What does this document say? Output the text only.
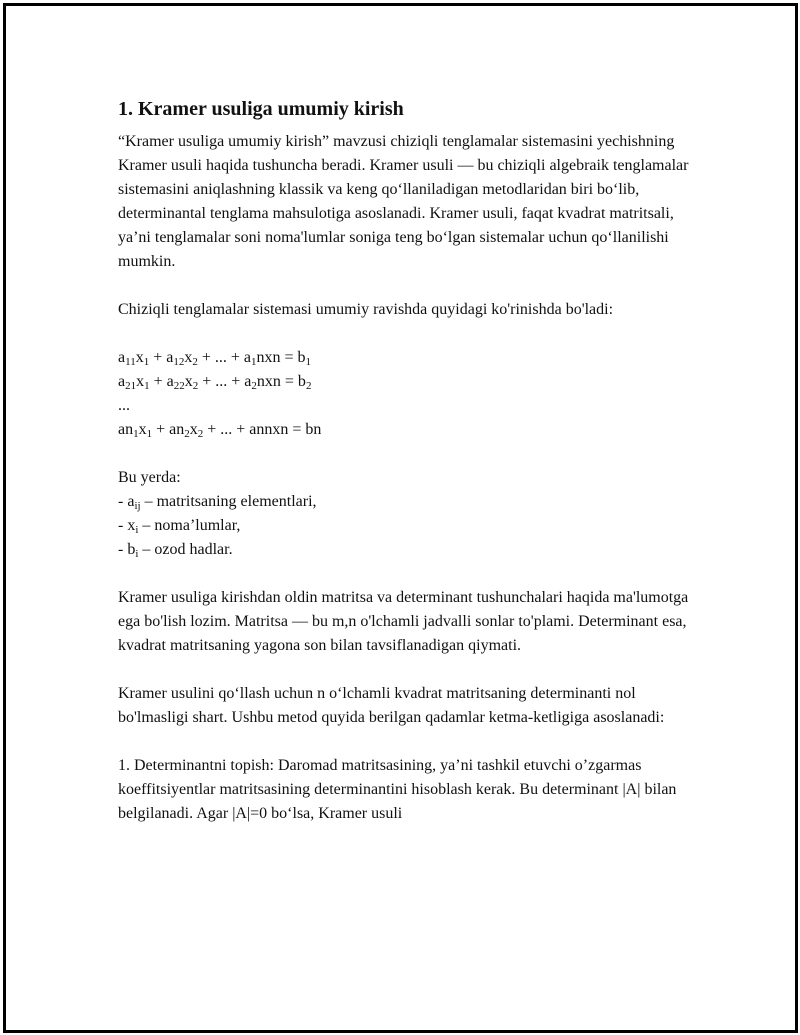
1. Kramer usuliga umumiy kirish

“Kramer usuliga umumiy kirish” mavzusi chiziqli tenglamalar sistemasini yechishning Kramer usuli haqida tushuncha beradi. Kramer usuli — bu chiziqli algebraik tenglamalar sistemasini aniqlashning klassik va keng qo‘llaniladigan metodlaridan biri bo‘lib, determinantal tenglama mahsulotiga asoslanadi. Kramer usuli, faqat kvadrat matritsali, ya’ni tenglamalar soni noma'lumlar soniga teng bo‘lgan sistemalar uchun qo‘llanilishi mumkin.

Chiziqli tenglamalar sistemasi umumiy ravishda quyidagi ko'rinishda bo'ladi:

$a_{11}x_1 + a_{12}x_2$ + ... + $a_1nxn = b_1$
$a_{21}x_1 + a_{22}x_2$ + ... + $a_2nxn = b_2$
...
$an_1x_1 + an_2x_2$ + ... + annxn = bn
Bu yerda:
- $a_{ij}$ – matritsaning elementlari,
- $x_i$ – noma’lumlar,
- $b_i$ – ozod hadlar.

Kramer usuliga kirishdan oldin matritsa va determinant tushunchalari haqida ma'lumotga ega bo'lish lozim. Matritsa — bu m,n o'lchamli jadvalli sonlar to'plami. Determinant esa, kvadrat matritsaning yagona son bilan tavsiflanadigan qiymati.

Kramer usulini qo‘llash uchun n o‘lchamli kvadrat matritsaning determinanti nol bo'lmasligi shart. Ushbu metod quyida berilgan qadamlar ketma-ketligiga asoslanadi:

1. Determinantni topish: Daromad matritsasining, ya’ni tashkil etuvchi o’zgarmas koeffitsiyentlar matritsasining determinantini hisoblash kerak. Bu determinant |A| bilan belgilanadi. Agar |A|=0 bo‘lsa, Kramer usuli
